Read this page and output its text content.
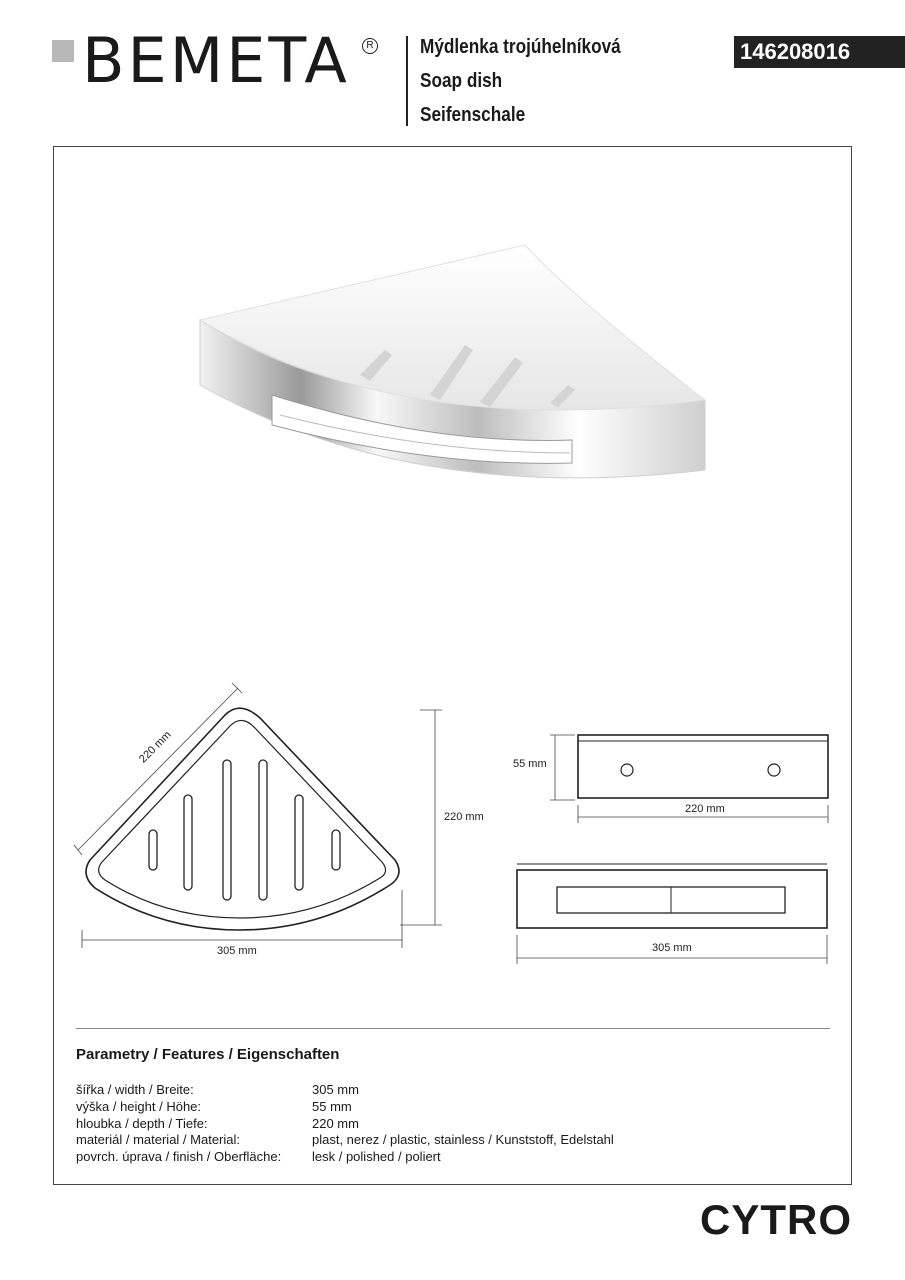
BEMETA	R Mýdlenka trojúhelníková
Soap dish
Seifenschale
146208016
220 mm
220 mm
305 mm
55 mm
220 mm
305 mm
Parametry / Features / Eigenschaften
šířka / width / Breite:	305 mm
výška / height / Höhe:	55 mm
hloubka / depth / Tiefe:	220 mm
materiál / material / Material:	plast, nerez / plastic, stainless / Kunststoff, Edelstahl
povrch. úprava / finish / Oberfläche: lesk / polished / poliert
CYTRO
